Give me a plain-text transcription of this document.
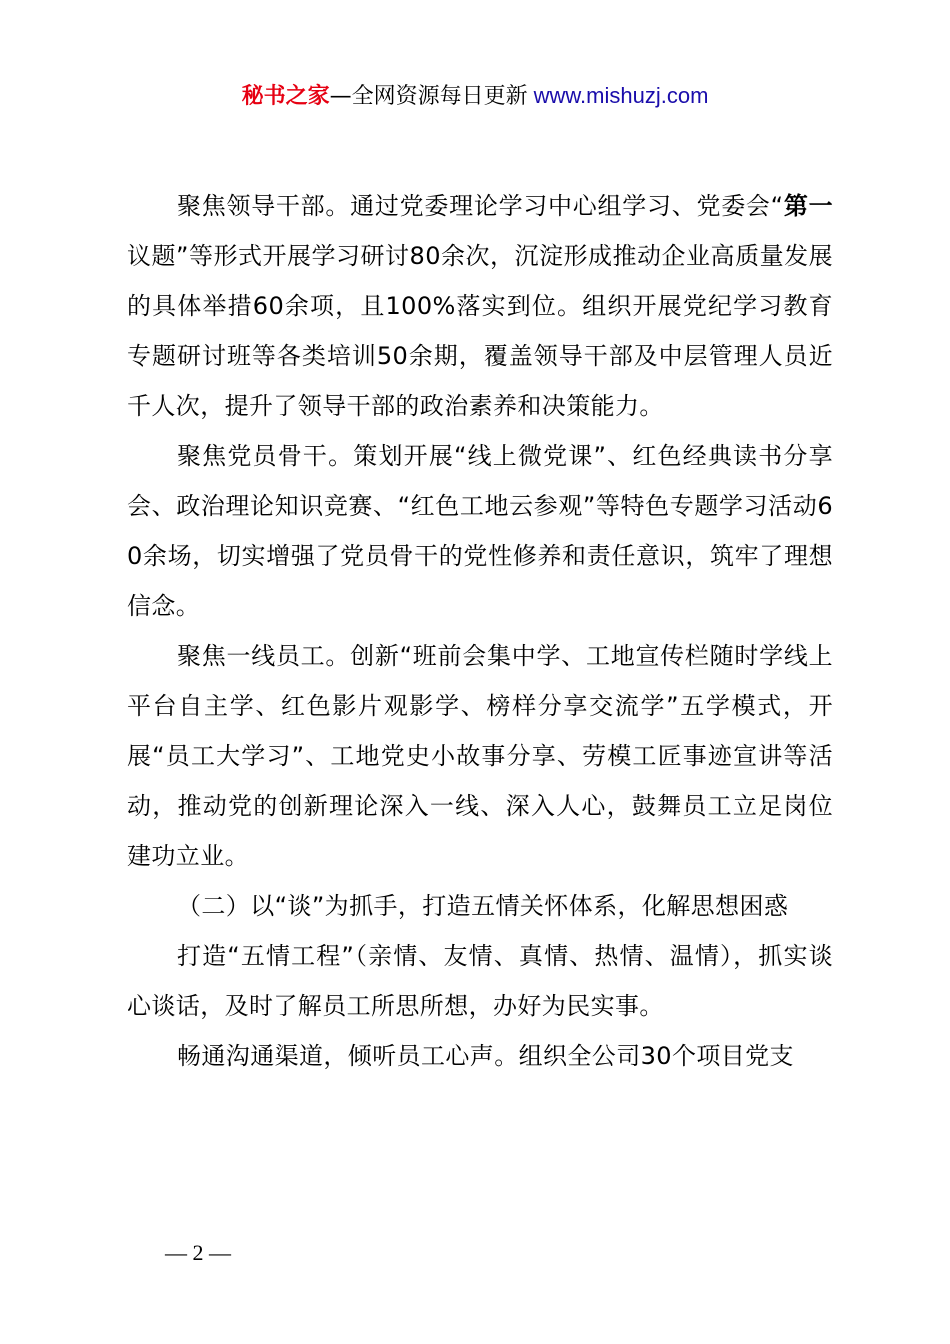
秘书之家—全网资源每日更新 www.mishuzj.com

聚焦领导干部。通过党委理论学习中心组学习、党委会“第一议题”等形式开展学习研讨80余次，沉淀形成推动企业高质量发展的具体举措60余项，且100%落实到位。组织开展党纪学习教育专题研讨班等各类培训50余期，覆盖领导干部及中层管理人员近千人次，提升了领导干部的政治素养和决策能力。

聚焦党员骨干。策划开展“线上微党课”、红色经典读书分享会、政治理论知识竞赛、“红色工地云参观”等特色专题学习活动60余场，切实增强了党员骨干的党性修养和责任意识，筑牢了理想信念。

聚焦一线员工。创新“班前会集中学、工地宣传栏随时学线上平台自主学、红色影片观影学、榜样分享交流学”五学模式，开展“员工大学习”、工地党史小故事分享、劳模工匠事迹宣讲等活动，推动党的创新理论深入一线、深入人心，鼓舞员工立足岗位建功立业。

（二）以“谈”为抓手，打造五情关怀体系，化解思想困惑

打造“五情工程”（亲情、友情、真情、热情、温情），抓实谈心谈话，及时了解员工所思所想，办好为民实事。

畅通沟通渠道，倾听员工心声。组织全公司30个项目党支

— 2 —
